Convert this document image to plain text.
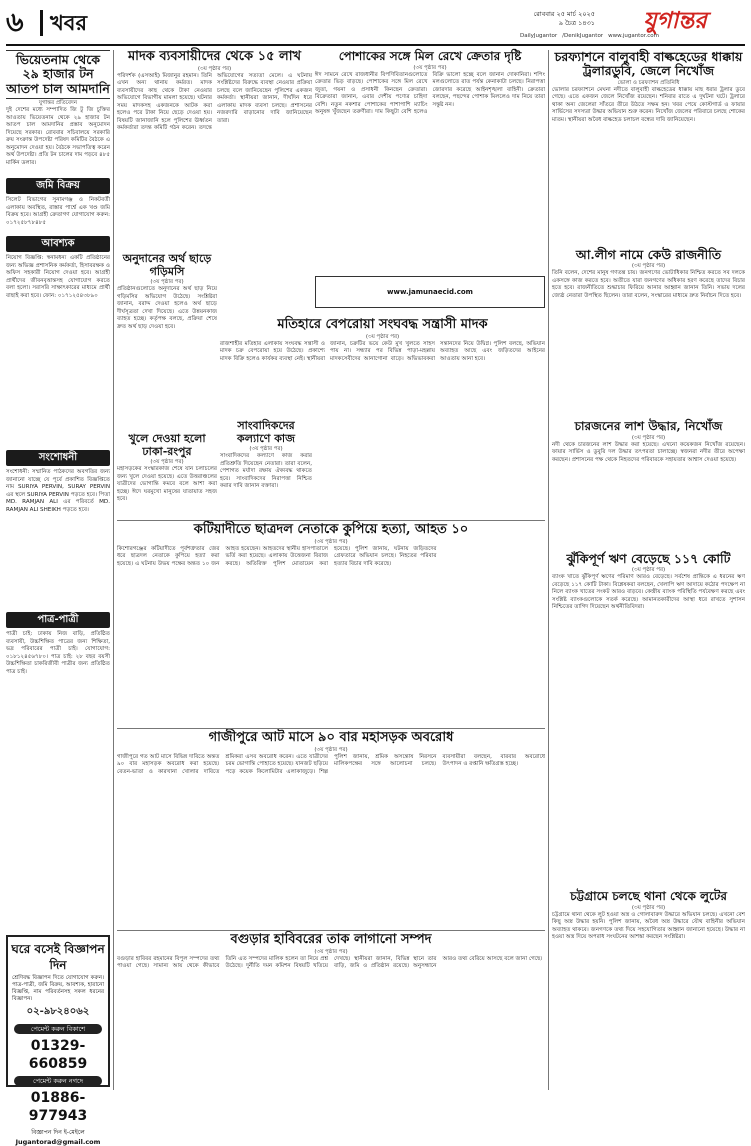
৬	খবর	রোববার ২৫ মার্চ ২০২৫
৯ চৈত্র ১৪৩১	যুগান্তর
DailyJugantor /DenikJugantor www.jugantor.com
ভিয়েতনাম থেকে ২৯ হাজার টন আতপ চাল আমদানি
যুগান্তর প্রতিবেদন
দুই দেশের মধ্যে সম্পাদিত জি টু জি চুক্তির আওতায় ভিয়েতনাম থেকে ২৯ হাজার টন আতপ চাল আমদানির প্রস্তাব অনুমোদন দিয়েছে সরকার। রোববার সচিবালয়ে সরকারি ক্রয় সংক্রান্ত উপদেষ্টা পরিষদ কমিটির বৈঠকে এ অনুমোদন দেওয়া হয়। বৈঠকে সভাপতিত্ব করেন অর্থ উপদেষ্টা। প্রতি টন চালের দাম পড়বে ৪৮৫ মার্কিন ডলার।
জমি বিক্রয়
সিলেট বিভাগের সুনামগঞ্জ ও নিকটবর্তী এলাকায় অবস্থিত, রাস্তার পার্শ্বে এক খণ্ড জমি বিক্রয় হবে। আগ্রহী ক্রেতাগণ যোগাযোগ করুন: ০১৭২৫৮৭৮৪৮৫
আবশ্যক
নিয়োগ বিজ্ঞপ্তি: স্বনামধন্য একটি প্রতিষ্ঠানের জন্য অভিজ্ঞ প্রশাসনিক কর্মকর্তা, হিসাবরক্ষক ও অফিস সহকারী নিয়োগ দেওয়া হবে। আগ্রহী প্রার্থীদের জীবনবৃত্তান্তসহ যোগাযোগ করতে বলা হলো। সরাসরি সাক্ষাৎকারের মাধ্যমে প্রার্থী বাছাই করা হবে। ফোন: ০১৭১২৫৪৩৮৯০
সংশোধনী
সংশোধনী: সম্মানিত পাঠকদের অবগতির জন্য জানানো যাচ্ছে যে পূর্বে প্রকাশিত বিজ্ঞপ্তিতে নাম SURIYA PERVIN, SURAY PERVIN এর স্থলে SURIYA PERVIN পড়তে হবে। পিতা MD. RAMJAN ALI এর পরিবর্তে MD. RAMJAN ALI SHEIKH পড়তে হবে।
পাত্র-পাত্রী
পাত্রী চাই: ঢাকায় নিজ বাড়ি, প্রতিষ্ঠিত ব্যবসায়ী, উচ্চশিক্ষিত পাত্রের জন্য শিক্ষিতা, ভদ্র পরিবারের পাত্রী চাই। যোগাযোগ: ০১৮১২৪৫৬৭৮০। পাত্র চাই: ২৮ বছর বয়সী উচ্চশিক্ষিতা চাকরিজীবী পাত্রীর জন্য প্রতিষ্ঠিত পাত্র চাই।
ঘরে বসেই বিজ্ঞাপন দিন
শ্রেণিবদ্ধ বিজ্ঞাপন দিতে যোগাযোগ করুন। পাত্র-পাত্রী, জমি বিক্রয়, আবশ্যক, হারানো বিজ্ঞপ্তি, নাম পরিবর্তনসহ সকল ধরনের বিজ্ঞাপন।
০২-৯৮২৪০৬২
পেমেন্ট করুন বিকাশে
01329-660859
পেমেন্ট করুন নগদে
01886-977943
বিজ্ঞাপন দিন ই-মেইলে
Jugantorad@gmail.com
মাদক ব্যবসায়ীদের থেকে ১৫ লাখ
(৩য় পৃষ্ঠার পর)
পরিদর্শক (এসআই) মিজানুর রহমান। তিনি এখন অন্য থানায় কর্মরত। মাদক ব্যবসায়ীদের কাছ থেকে টাকা নেওয়ার অভিযোগে বিভাগীয় মামলা হয়েছে। ঘটনার সময় মাদকসহ একজনকে আটক করা হলেও পরে টাকা নিয়ে ছেড়ে দেওয়া হয়। বিষয়টি জানাজানি হলে পুলিশের ঊর্ধ্বতন কর্মকর্তারা তদন্ত কমিটি গঠন করেন। তদন্তে অভিযোগের সত্যতা মেলে। এ ঘটনায় সংশ্লিষ্টদের বিরুদ্ধে ব্যবস্থা নেওয়ার প্রক্রিয়া চলছে বলে জানিয়েছেন পুলিশের একজন কর্মকর্তা। স্থানীয়রা জানান, দীর্ঘদিন ধরে এলাকায় মাদক ব্যবসা চলছে। প্রশাসনের নজরদারি বাড়ানোর দাবি জানিয়েছেন তারা।
অনুদানের অর্থ ছাড়ে গড়িমসি
(৩য় পৃষ্ঠার পর)
প্রতিষ্ঠানগুলোতে অনুদানের অর্থ ছাড় নিয়ে গড়িমসির অভিযোগ উঠেছে। সংশ্লিষ্টরা জানান, বরাদ্দ দেওয়া হলেও অর্থ ছাড়ে দীর্ঘসূত্রতা দেখা দিয়েছে। এতে উন্নয়নকাজ ব্যাহত হচ্ছে। কর্তৃপক্ষ বলছে, প্রক্রিয়া শেষে দ্রুত অর্থ ছাড় দেওয়া হবে।
খুলে দেওয়া হলো ঢাকা-রংপুর
(৩য় পৃষ্ঠার পর)
মহাসড়কের সংস্কারকাজ শেষে যান চলাচলের জন্য খুলে দেওয়া হয়েছে। এতে উত্তরাঞ্চলের যাত্রীদের ভোগান্তি কমবে বলে আশা করা হচ্ছে। ঈদে ঘরমুখো মানুষের যাতায়াত সহজ হবে।
সাংবাদিকদের কল্যাণে কাজ
(৩য় পৃষ্ঠার পর)
সাংবাদিকদের কল্যাণে কাজ করার প্রতিশ্রুতি দিয়েছেন নেতারা। তারা বলেন, পেশাগত মর্যাদা রক্ষায় ঐক্যবদ্ধ থাকতে হবে। সাংবাদিকদের নিরাপত্তা নিশ্চিত করার দাবি জানান বক্তারা।
পোশাকের সঙ্গে মিল রেখে ক্রেতার দৃষ্টি
(৩য় পৃষ্ঠার পর)
ঈদ সামনে রেখে রাজধানীর বিপণিবিতানগুলোতে ক্রেতার ভিড় বাড়ছে। পোশাকের সঙ্গে মিল রেখে জুতা, গয়না ও প্রসাধনী কিনছেন ক্রেতারা। বিক্রেতারা জানান, এবার দেশীয় পণ্যের চাহিদা বেশি। নতুন নকশার পোশাকের পাশাপাশি ম্যাচিং অনুষঙ্গ খুঁজছেন তরুণীরা। দাম কিছুটা বেশি হলেও বিক্রি ভালো হচ্ছে বলে জানান দোকানিরা। শপিং মলগুলোতে রাত পর্যন্ত কেনাকাটা চলছে। নিরাপত্তা জোরদার করেছে আইনশৃঙ্খলা বাহিনী। ক্রেতারা বলছেন, পছন্দের পোশাক মিললেও দাম নিয়ে তারা সন্তুষ্ট নন।
www.jamunaecid.com
মতিহারে বেপরোয়া সংঘবদ্ধ সন্ত্রাসী মাদক
(৩য় পৃষ্ঠার পর)
রাজশাহীর মতিহার এলাকায় সংঘবদ্ধ সন্ত্রাসী ও মাদক চক্র বেপরোয়া হয়ে উঠেছে। প্রকাশ্যে মাদক বিক্রি হলেও কার্যকর ব্যবস্থা নেই। স্থানীয়রা জানান, চক্রটির ভয়ে কেউ মুখ খুলতে সাহস পায় না। সন্ধ্যার পর বিভিন্ন পাড়া-মহল্লায় মাদকসেবীদের আনাগোনা বাড়ে। অভিভাবকরা সন্তানদের নিয়ে উদ্বিগ্ন। পুলিশ বলছে, অভিযান অব্যাহত আছে এবং জড়িতদের আইনের আওতায় আনা হবে।
কটিয়াদীতে ছাত্রদল নেতাকে কুপিয়ে হত্যা, আহত ১০
(৩য় পৃষ্ঠার পর)
কিশোরগঞ্জের কটিয়াদীতে পূর্বশত্রুতার জের ধরে ছাত্রদল নেতাকে কুপিয়ে হত্যা করা হয়েছে। এ ঘটনায় উভয় পক্ষের অন্তত ১০ জন আহত হয়েছেন। আহতদের স্থানীয় হাসপাতালে ভর্তি করা হয়েছে। এলাকায় উত্তেজনা বিরাজ করছে। অতিরিক্ত পুলিশ মোতায়েন করা হয়েছে। পুলিশ জানায়, ঘটনায় জড়িতদের গ্রেফতারে অভিযান চলছে। নিহতের পরিবার হত্যার বিচার দাবি করেছে।
গাজীপুরে আট মাসে ৯০ বার মহাসড়ক অবরোধ
(৩য় পৃষ্ঠার পর)
গাজীপুরে গত আট মাসে বিভিন্ন দাবিতে অন্তত ৯০ বার মহাসড়ক অবরোধ করা হয়েছে। বেতন-ভাতা ও কারখানা খোলার দাবিতে শ্রমিকরা এসব অবরোধ করেন। এতে যাত্রীদের চরম ভোগান্তি পোহাতে হয়েছে। যানজট ছড়িয়ে পড়ে কয়েক কিলোমিটার এলাকাজুড়ে। শিল্প পুলিশ জানায়, শ্রমিক অসন্তোষ নিরসনে মালিকপক্ষের সঙ্গে আলোচনা চলছে। ব্যবসায়ীরা বলছেন, বারবার অবরোধে উৎপাদন ও রপ্তানি ক্ষতিগ্রস্ত হচ্ছে।
বগুড়ার হাবিবরের তাক লাগানো সম্পদ
(৩য় পৃষ্ঠার পর)
বগুড়ার হাবিবর রহমানের বিপুল সম্পদের তথ্য পাওয়া গেছে। সামান্য আয় থেকে কীভাবে তিনি এত সম্পদের মালিক হলেন তা নিয়ে প্রশ্ন উঠেছে। দুর্নীতি দমন কমিশন বিষয়টি খতিয়ে দেখছে। স্থানীয়রা জানান, বিভিন্ন স্থানে তার বাড়ি, জমি ও প্রতিষ্ঠান রয়েছে। অনুসন্ধানে আরও তথ্য বেরিয়ে আসছে বলে জানা গেছে।
চরফ্যাশনে বালুবাহী বাল্কহেডের ধাক্কায় ট্রলারডুবি, জেলে নিখোঁজ
ভোলা ও চরফ্যাশন প্রতিনিধি
ভোলার চরফ্যাশনে মেঘনা নদীতে বালুবাহী বাল্কহেডের ধাক্কায় মাছ ধরার ট্রলার ডুবে গেছে। এতে একজন জেলে নিখোঁজ রয়েছেন। শনিবার রাতে এ দুর্ঘটনা ঘটে। ট্রলারে থাকা অন্য জেলেরা সাঁতরে তীরে উঠতে সক্ষম হন। খবর পেয়ে কোস্টগার্ড ও ফায়ার সার্ভিসের সদস্যরা উদ্ধার অভিযান শুরু করেন। নিখোঁজ জেলের পরিবারে চলছে শোকের মাতম। স্থানীয়রা অবৈধ বাল্কহেড চলাচল বন্ধের দাবি জানিয়েছেন।
আ.লীগ নামে কেউ রাজনীতি
(৩য় পৃষ্ঠার পর)
তিনি বলেন, দেশের মানুষ গণতন্ত্র চায়। জনগণের ভোটাধিকার নিশ্চিত করতে সব দলকে একসঙ্গে কাজ করতে হবে। অতীতে যারা জনগণের অধিকার হরণ করেছে তাদের বিচার হতে হবে। রাজনীতিতে শুদ্ধাচার ফিরিয়ে আনার আহ্বান জানান তিনি। সভায় দলের জ্যেষ্ঠ নেতারা উপস্থিত ছিলেন। তারা বলেন, সংস্কারের মাধ্যমে দ্রুত নির্বাচন দিতে হবে।
চারজনের লাশ উদ্ধার, নিখোঁজ
(৩য় পৃষ্ঠার পর)
নদী থেকে চারজনের লাশ উদ্ধার করা হয়েছে। এখনো কয়েকজন নিখোঁজ রয়েছেন। ফায়ার সার্ভিস ও ডুবুরি দল উদ্ধার তৎপরতা চালাচ্ছে। স্বজনরা নদীর তীরে অপেক্ষা করছেন। প্রশাসনের পক্ষ থেকে নিহতদের পরিবারকে সহায়তার আশ্বাস দেওয়া হয়েছে।
ঝুঁকিপূর্ণ ঋণ বেড়েছে ১১৭ কোটি
(৩য় পৃষ্ঠার পর)
ব্যাংক খাতে ঝুঁকিপূর্ণ ঋণের পরিমাণ আরও বেড়েছে। সর্বশেষ প্রান্তিকে এ ধরনের ঋণ বেড়েছে ১১৭ কোটি টাকা। বিশ্লেষকরা বলছেন, খেলাপি ঋণ আদায়ে কঠোর পদক্ষেপ না নিলে ব্যাংক খাতের সংকট আরও বাড়বে। কেন্দ্রীয় ব্যাংক পরিস্থিতি পর্যবেক্ষণ করছে এবং সংশ্লিষ্ট ব্যাংকগুলোকে সতর্ক করেছে। আমানতকারীদের আস্থা ধরে রাখতে সুশাসন নিশ্চিতের তাগিদ দিয়েছেন অর্থনীতিবিদরা।
চট্টগ্রামে চলছে থানা থেকে লুটের
(৩য় পৃষ্ঠার পর)
চট্টগ্রামে থানা থেকে লুট হওয়া অস্ত্র ও গোলাবারুদ উদ্ধারে অভিযান চলছে। এখনো বেশ কিছু অস্ত্র উদ্ধার হয়নি। পুলিশ জানায়, অবৈধ অস্ত্র উদ্ধারে যৌথ বাহিনীর অভিযান অব্যাহত থাকবে। জনগণকে তথ্য দিয়ে সহযোগিতার আহ্বান জানানো হয়েছে। উদ্ধার না হওয়া অস্ত্র দিয়ে অপরাধ সংঘটনের আশঙ্কা করছেন সংশ্লিষ্টরা।
